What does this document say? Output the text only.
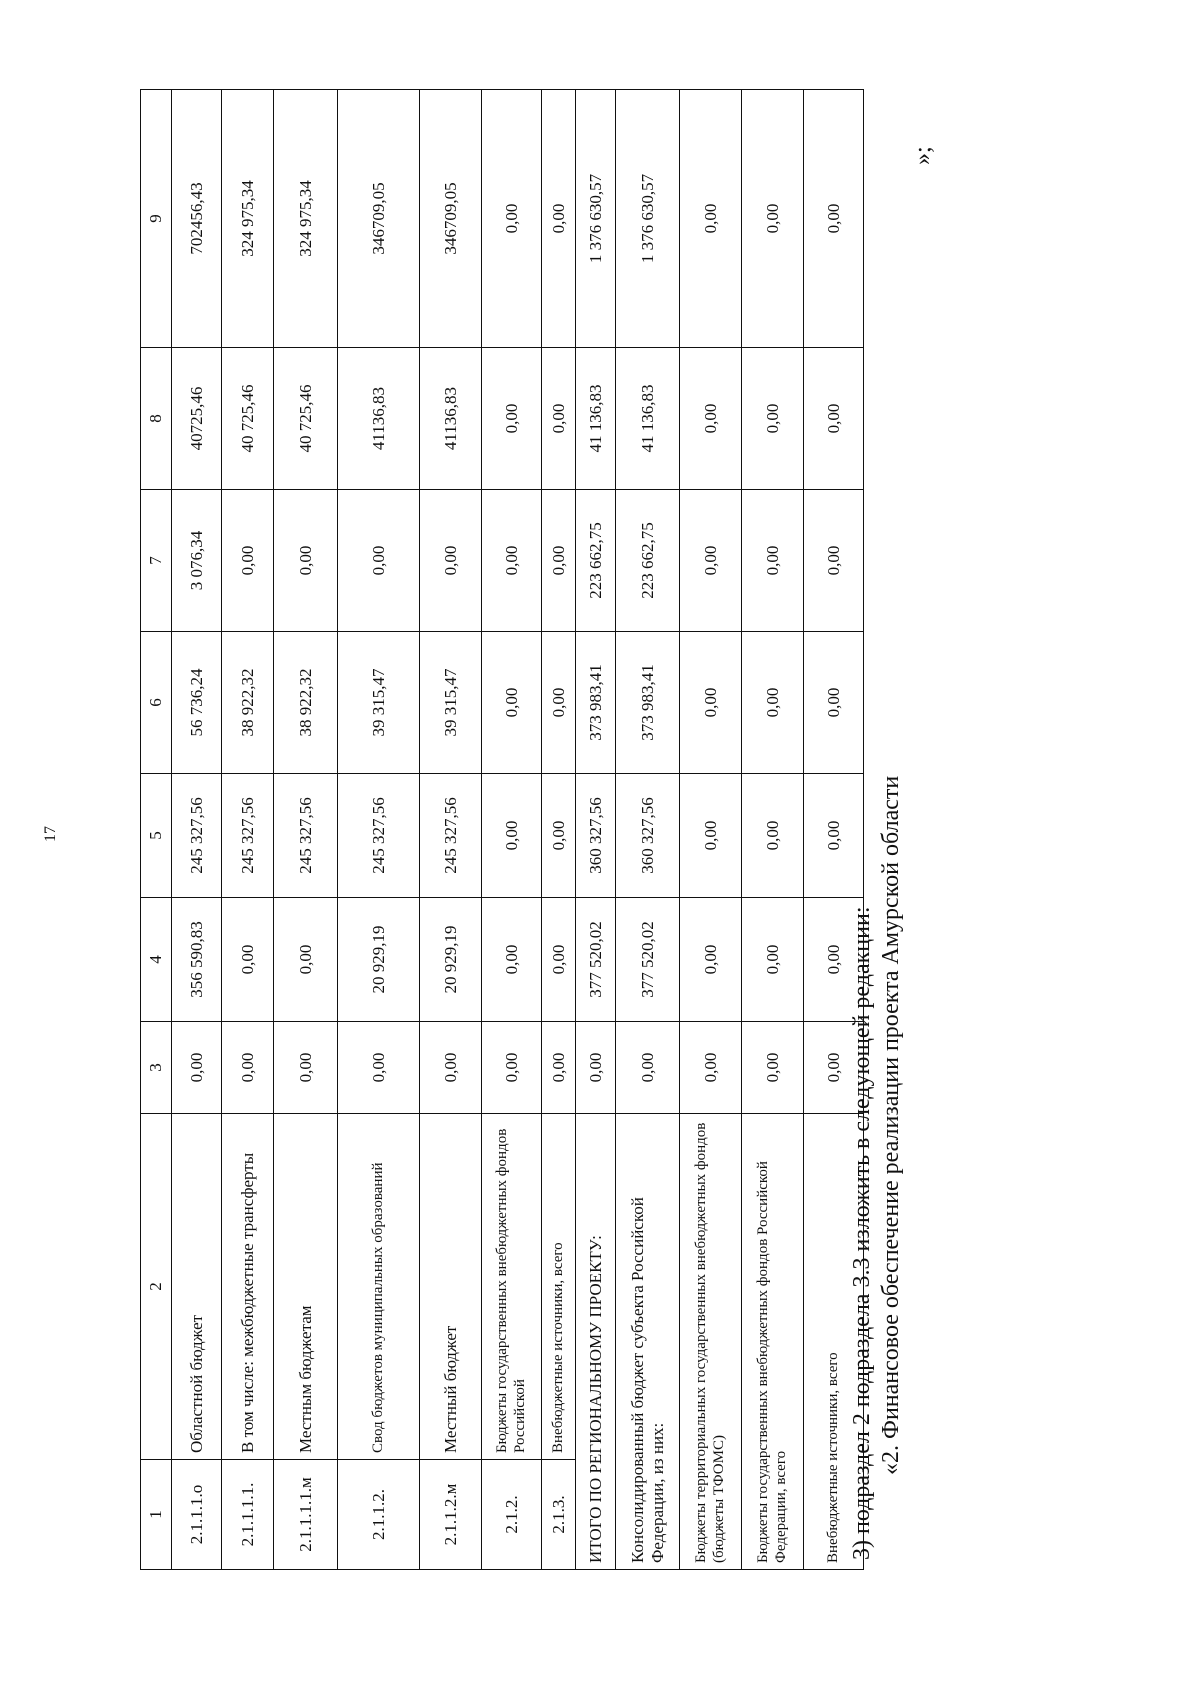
17
1	2	3	4	5	6	7	8	9
2.1.1.1.о	Областной бюджет	0,00	356 590,83	245 327,56	56 736,24	3 076,34	40725,46	702456,43
2.1.1.1.1.	В том числе: межбюджетные трансферты	0,00	0,00	245 327,56	38 922,32	0,00	40 725,46	324 975,34
2.1.1.1.1.м	Местным бюджетам	0,00	0,00	245 327,56	38 922,32	0,00	40 725,46	324 975,34
2.1.1.2.	Свод бюджетов муниципальных образований	0,00	20 929,19	245 327,56	39 315,47	0,00	41136,83	346709,05
2.1.1.2.м	Местный бюджет	0,00	20 929,19	245 327,56	39 315,47	0,00	41136,83	346709,05
2.1.2.	Бюджеты государственных внебюджетных фондов Российской	0,00	0,00	0,00	0,00	0,00	0,00	0,00
2.1.3.	Внебюджетные источники, всего	0,00	0,00	0,00	0,00	0,00	0,00	0,00
ИТОГО ПО РЕГИОНАЛЬНОМУ ПРОЕКТУ:		0,00	377 520,02	360 327,56	373 983,41	223 662,75	41 136,83	1 376 630,57
Консолидированный бюджет субъекта Российской Федерации, из них:		0,00	377 520,02	360 327,56	373 983,41	223 662,75	41 136,83	1 376 630,57
Бюджеты территориальных государственных внебюджетных фондов (бюджеты ТФОМС)		0,00	0,00	0,00	0,00	0,00	0,00	0,00
Бюджеты государственных внебюджетных фондов Российской Федерации, всего		0,00	0,00	0,00	0,00	0,00	0,00	0,00
Внебюджетные источники, всего		0,00	0,00	0,00	0,00	0,00	0,00	0,00
»;
3) подраздел 2 подраздела 3.3 изложить в следующей редакции: «2. Финансовое обеспечение реализации проекта Амурской области
